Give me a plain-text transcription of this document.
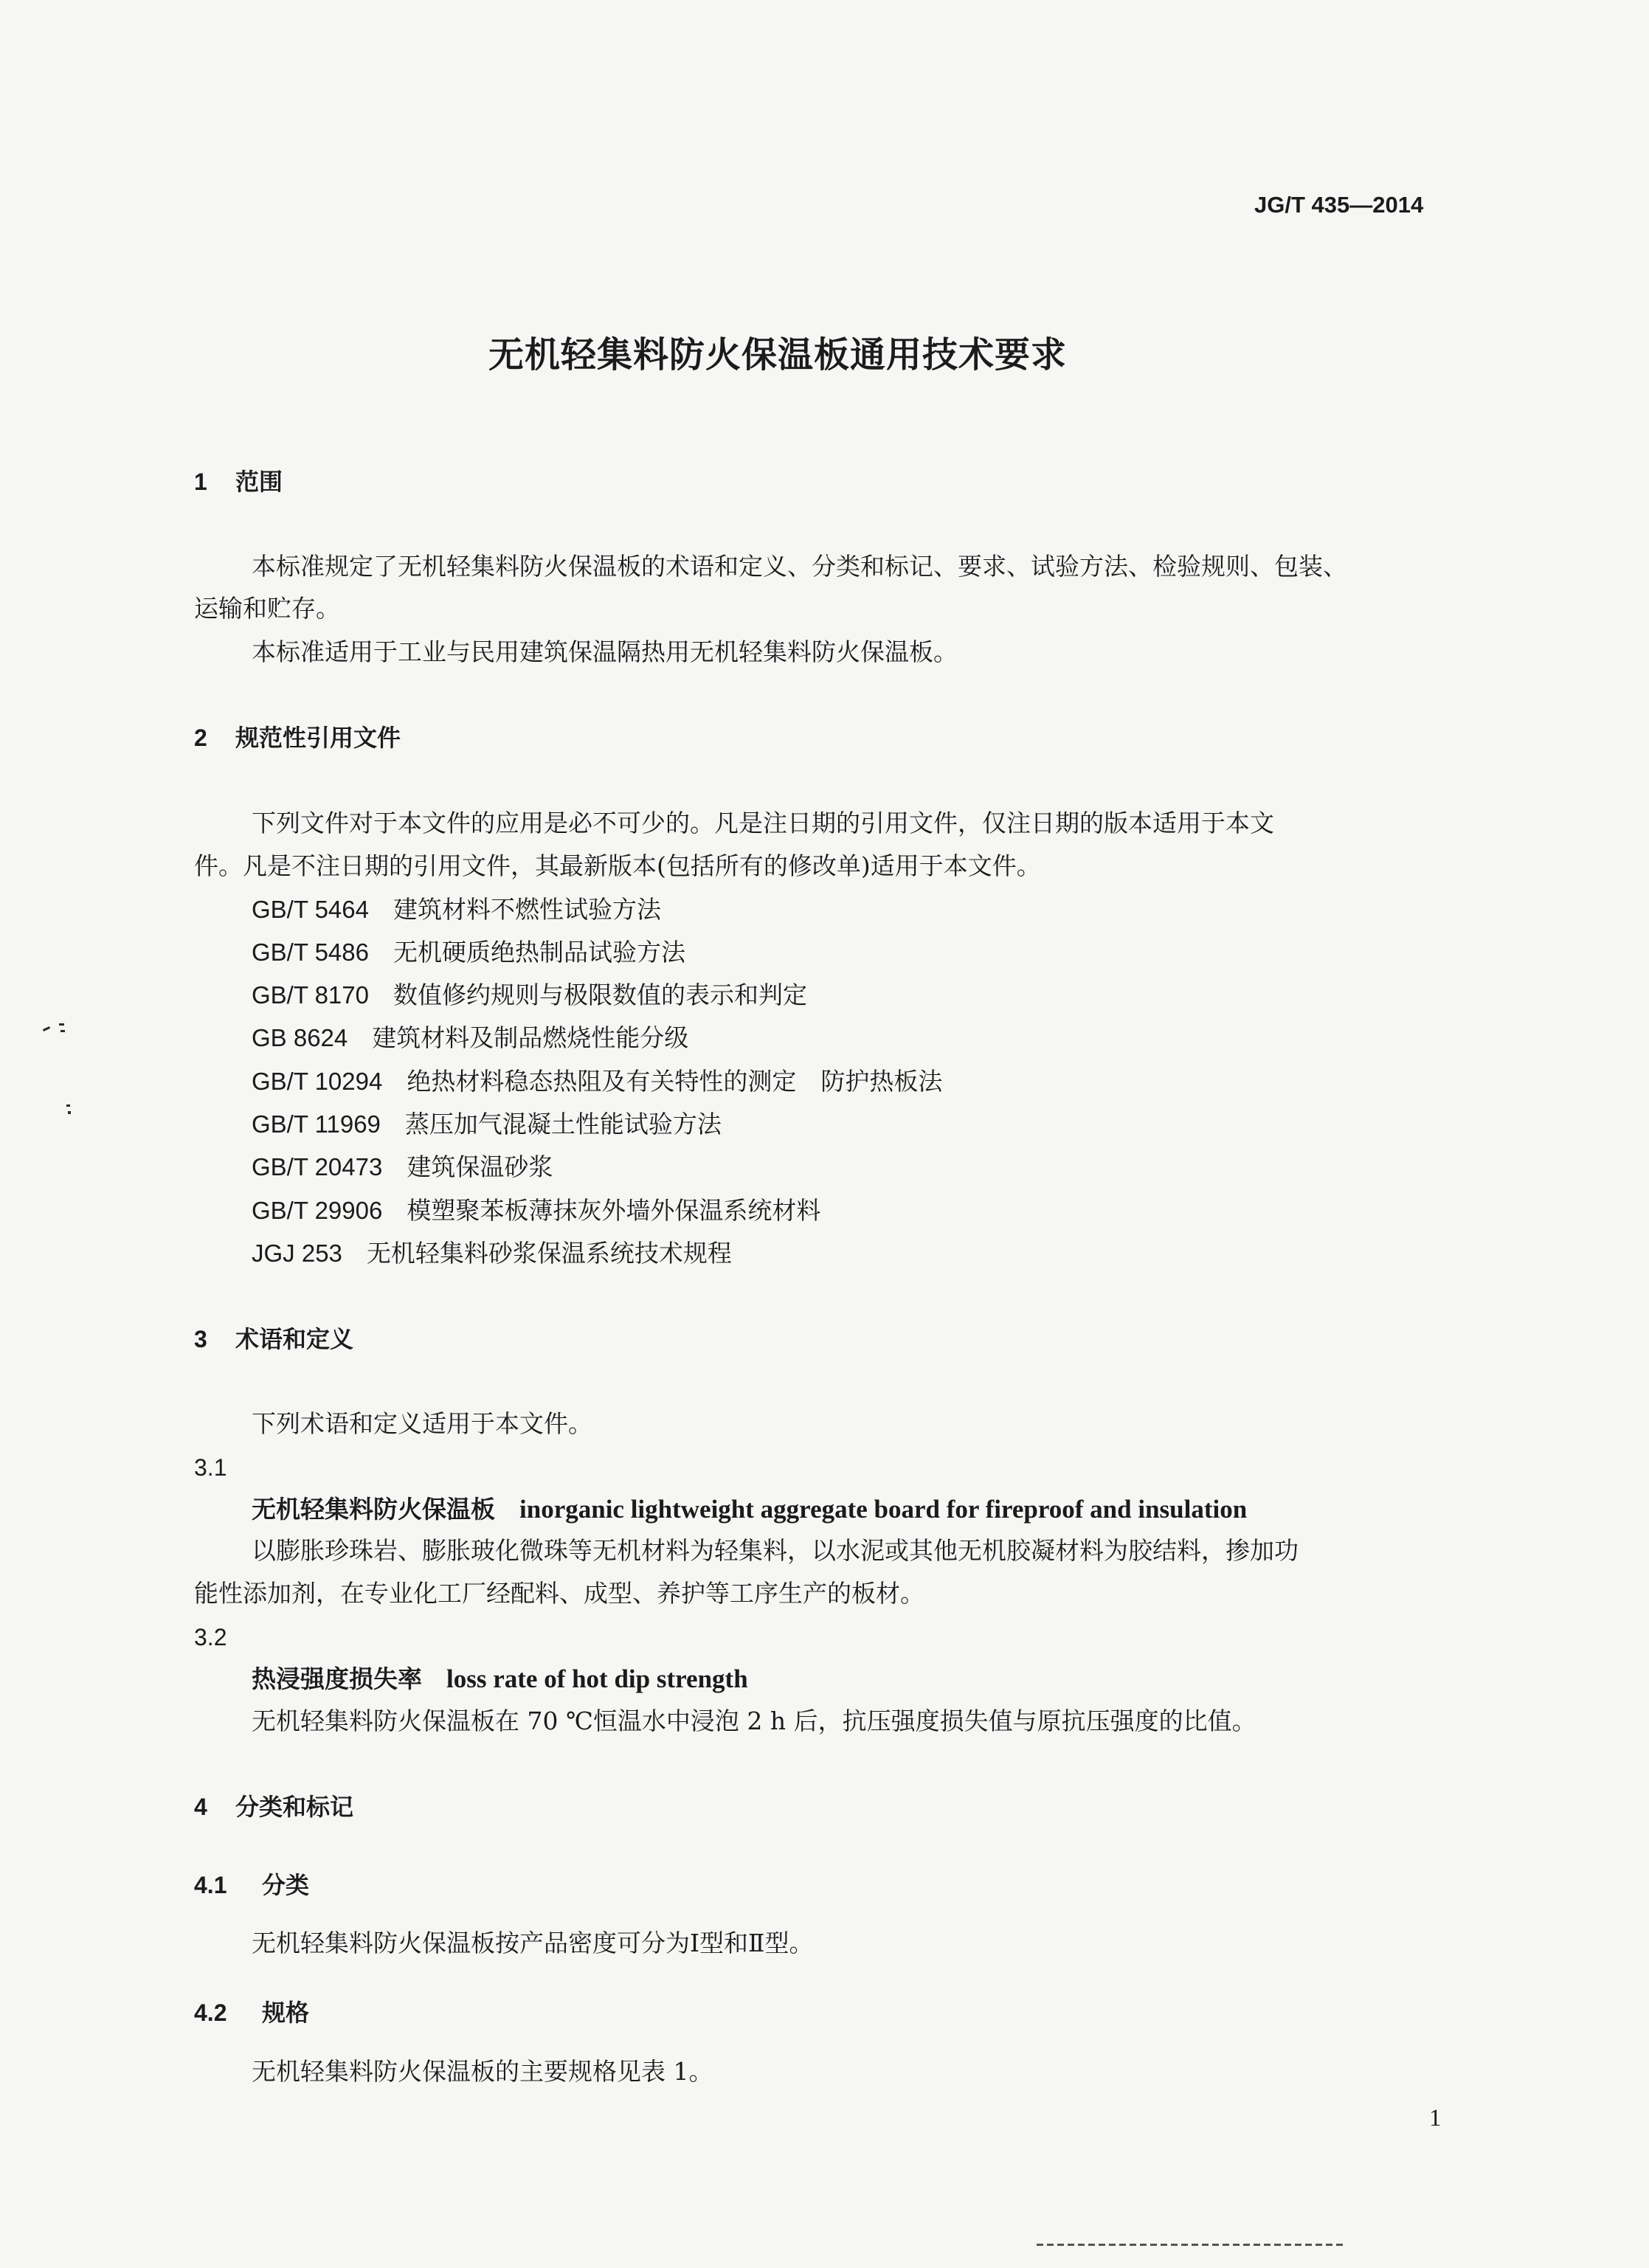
JG/T 435—2014
无机轻集料防火保温板通用技术要求
1 范围
本标准规定了无机轻集料防火保温板的术语和定义、分类和标记、要求、试验方法、检验规则、包装、
运输和贮存。
本标准适用于工业与民用建筑保温隔热用无机轻集料防火保温板。
2 规范性引用文件
下列文件对于本文件的应用是必不可少的。凡是注日期的引用文件，仅注日期的版本适用于本文
件。凡是不注日期的引用文件，其最新版本(包括所有的修改单)适用于本文件。
GB/T 5464　 建筑材料不燃性试验方法
GB/T 5486　 无机硬质绝热制品试验方法
GB/T 8170　 数值修约规则与极限数值的表示和判定
GB 8624　 建筑材料及制品燃烧性能分级
GB/T 10294　 绝热材料稳态热阻及有关特性的测定　防护热板法
GB/T 11969　 蒸压加气混凝土性能试验方法
GB/T 20473　 建筑保温砂浆
GB/T 29906　 模塑聚苯板薄抹灰外墙外保温系统材料
JGJ 253　 无机轻集料砂浆保温系统技术规程
3 术语和定义
下列术语和定义适用于本文件。
3.1
无机轻集料防火保温板　 inorganic lightweight aggregate board for fireproof and insulation
以膨胀珍珠岩、膨胀玻化微珠等无机材料为轻集料，以水泥或其他无机胶凝材料为胶结料，掺加功
能性添加剂，在专业化工厂经配料、成型、养护等工序生产的板材。
3.2
热浸强度损失率　 loss rate of hot dip strength
无机轻集料防火保温板在 70 ℃恒温水中浸泡 2 h 后，抗压强度损失值与原抗压强度的比值。
4 分类和标记
4.1 分类
无机轻集料防火保温板按产品密度可分为Ⅰ型和Ⅱ型。
4.2 规格
无机轻集料防火保温板的主要规格见表 1。
1
